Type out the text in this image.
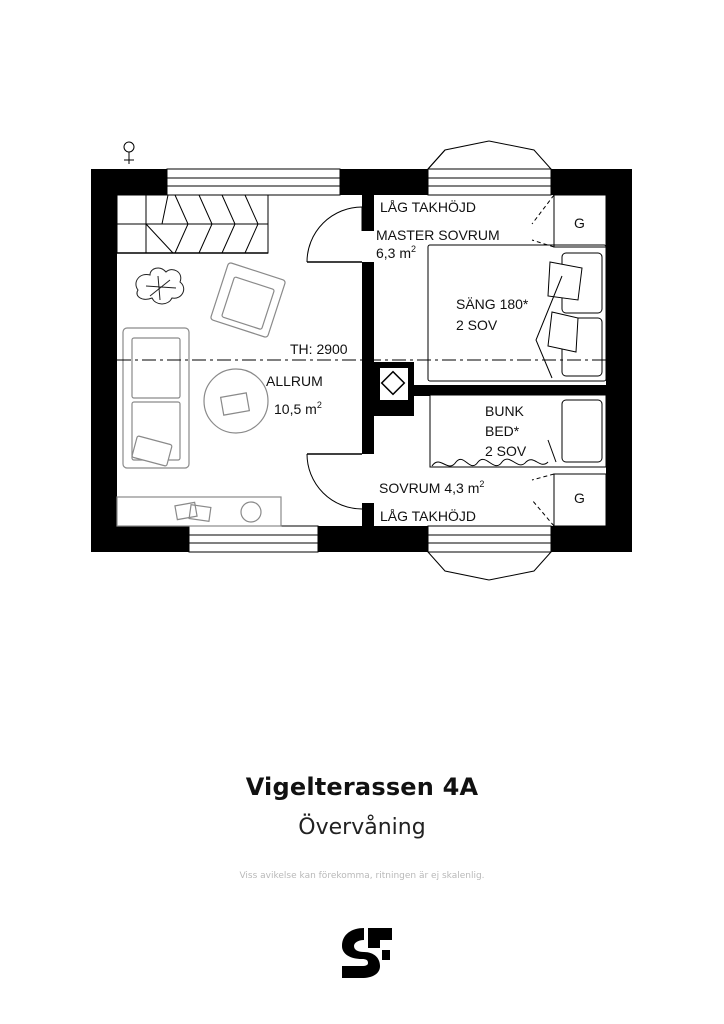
TH: 2900
ALLRUM
10,5 $m^2$
LÅG TAKHÖJD
MASTER SOVRUM
6,3 $m^2$
SÄNG 180*
2 SOV
BUNK
BED*
2 SOV
SOVRUM 4,3 $m^2$
LÅG TAKHÖJD
G
G
Vigelterassen 4A
Övervåning
Viss avikelse kan förekomma, ritningen är ej skalenlig.
